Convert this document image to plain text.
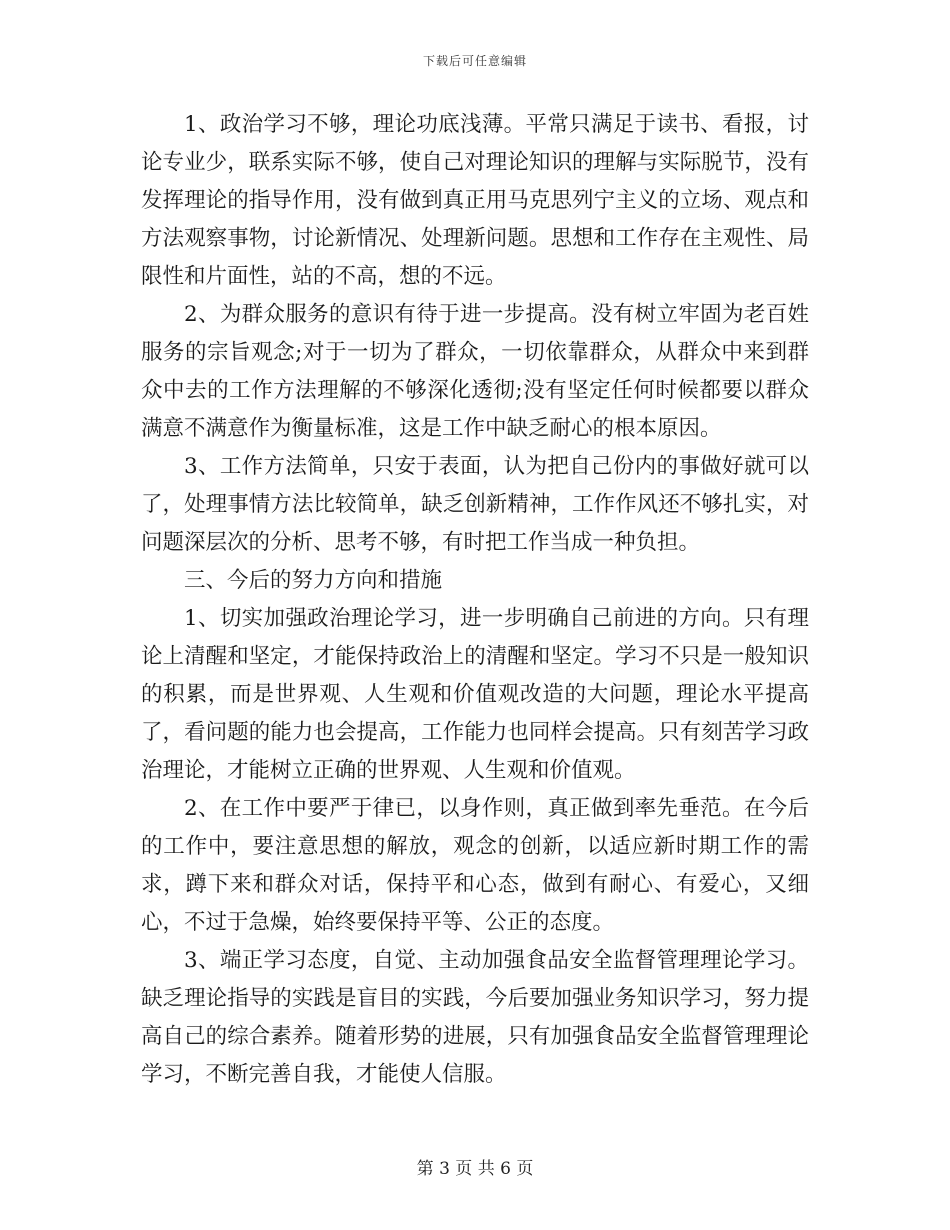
下载后可任意编辑

1、政治学习不够，理论功底浅薄。平常只满足于读书、看报，讨论专业少，联系实际不够，使自己对理论知识的理解与实际脱节，没有发挥理论的指导作用，没有做到真正用马克思列宁主义的立场、观点和方法观察事物，讨论新情况、处理新问题。思想和工作存在主观性、局限性和片面性，站的不高，想的不远。

2、为群众服务的意识有待于进一步提高。没有树立牢固为老百姓服务的宗旨观念;对于一切为了群众，一切依靠群众，从群众中来到群众中去的工作方法理解的不够深化透彻;没有坚定任何时候都要以群众满意不满意作为衡量标准，这是工作中缺乏耐心的根本原因。

3、工作方法简单，只安于表面，认为把自己份内的事做好就可以了，处理事情方法比较简单，缺乏创新精神，工作作风还不够扎实，对问题深层次的分析、思考不够，有时把工作当成一种负担。

三、今后的努力方向和措施

1、切实加强政治理论学习，进一步明确自己前进的方向。只有理论上清醒和坚定，才能保持政治上的清醒和坚定。学习不只是一般知识的积累，而是世界观、人生观和价值观改造的大问题，理论水平提高了，看问题的能力也会提高，工作能力也同样会提高。只有刻苦学习政治理论，才能树立正确的世界观、人生观和价值观。

2、在工作中要严于律已，以身作则，真正做到率先垂范。在今后的工作中，要注意思想的解放，观念的创新，以适应新时期工作的需求，蹲下来和群众对话，保持平和心态，做到有耐心、有爱心，又细心，不过于急燥，始终要保持平等、公正的态度。

3、端正学习态度，自觉、主动加强食品安全监督管理理论学习。缺乏理论指导的实践是盲目的实践，今后要加强业务知识学习，努力提高自己的综合素养。随着形势的进展，只有加强食品安全监督管理理论学习，不断完善自我，才能使人信服。

第 3 页 共 6 页
